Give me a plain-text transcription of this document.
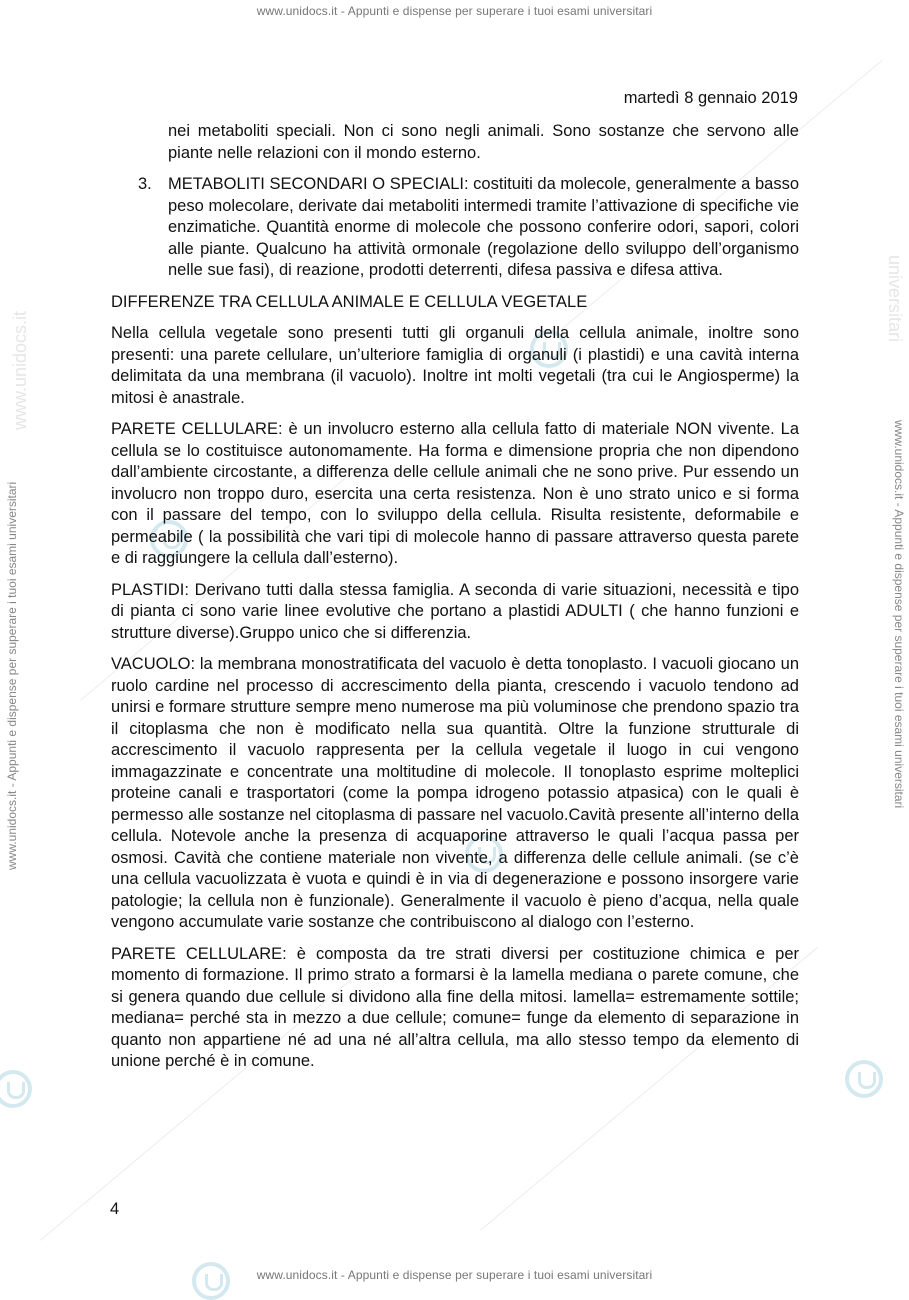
www.unidocs.it - Appunti e dispense per superare i tuoi esami universitari
www.unidocs.it - Appunti e dispense per superare i tuoi esami universitari
www.unidocs.it - Appunti e dispense per superare i tuoi esami universitari	www.unidocs.it - Appunti e dispense per superare i tuoi esami universitari
www.unidocs.it
universitari
martedì 8 gennaio 2019
nei metaboliti speciali. Non ci sono negli animali. Sono sostanze che servono alle piante nelle relazioni con il mondo esterno.
3. METABOLITI SECONDARI O SPECIALI: costituiti da molecole, generalmente a basso peso molecolare, derivate dai metaboliti intermedi tramite l’attivazione di specifiche vie enzimatiche. Quantità enorme di molecole che possono conferire odori, sapori, colori alle piante. Qualcuno ha attività ormonale (regolazione dello sviluppo dell’organismo nelle sue fasi), di reazione, prodotti deterrenti, difesa passiva e difesa attiva.

DIFFERENZE TRA CELLULA ANIMALE E CELLULA VEGETALE

Nella cellula vegetale sono presenti tutti gli organuli della cellula animale, inoltre sono presenti: una parete cellulare, un’ulteriore famiglia di organuli (i plastidi) e una cavità interna delimitata da una membrana (il vacuolo). Inoltre int molti vegetali (tra cui le Angiosperme) la mitosi è anastrale.

PARETE CELLULARE: è un involucro esterno alla cellula fatto di materiale NON vivente. La cellula se lo costituisce autonomamente. Ha forma e dimensione propria che non dipendono dall’ambiente circostante, a differenza delle cellule animali che ne sono prive. Pur essendo un involucro non troppo duro, esercita una certa resistenza. Non è uno strato unico e si forma con il passare del tempo, con lo sviluppo della cellula. Risulta resistente, deformabile e permeabile ( la possibilità che vari tipi di molecole hanno di passare attraverso questa parete e di raggiungere la cellula dall’esterno).

PLASTIDI: Derivano tutti dalla stessa famiglia. A seconda di varie situazioni, necessità e tipo di pianta ci sono varie linee evolutive che portano a plastidi ADULTI ( che hanno funzioni e strutture diverse).Gruppo unico che si differenzia.

VACUOLO: la membrana monostratificata del vacuolo è detta tonoplasto. I vacuoli giocano un ruolo cardine nel processo di accrescimento della pianta, crescendo i vacuolo tendono ad unirsi e formare strutture sempre meno numerose ma più voluminose che prendono spazio tra il citoplasma che non è modificato nella sua quantità. Oltre la funzione strutturale di accrescimento il vacuolo rappresenta per la cellula vegetale il luogo in cui vengono immagazzinate e concentrate una moltitudine di molecole. Il tonoplasto esprime molteplici proteine canali e trasportatori (come la pompa idrogeno potassio atpasica) con le quali è permesso alle sostanze nel citoplasma di passare nel vacuolo.Cavità presente all’interno della cellula. Notevole anche la presenza di acquaporine attraverso le quali l’acqua passa per osmosi. Cavità che contiene materiale non vivente, a differenza delle cellule animali. (se c’è una cellula vacuolizzata è vuota e quindi è in via di degenerazione e possono insorgere varie patologie; la cellula non è funzionale). Generalmente il vacuolo è pieno d’acqua, nella quale vengono accumulate varie sostanze che contribuiscono al dialogo con l’esterno.

PARETE CELLULARE: è composta da tre strati diversi per costituzione chimica e per momento di formazione. Il primo strato a formarsi è la lamella mediana o parete comune, che si genera quando due cellule si dividono alla fine della mitosi. lamella= estremamente sottile; mediana= perché sta in mezzo a due cellule; comune= funge da elemento di separazione in quanto non appartiene né ad una né all’altra cellula, ma allo stesso tempo da elemento di unione perché è in comune.

4
